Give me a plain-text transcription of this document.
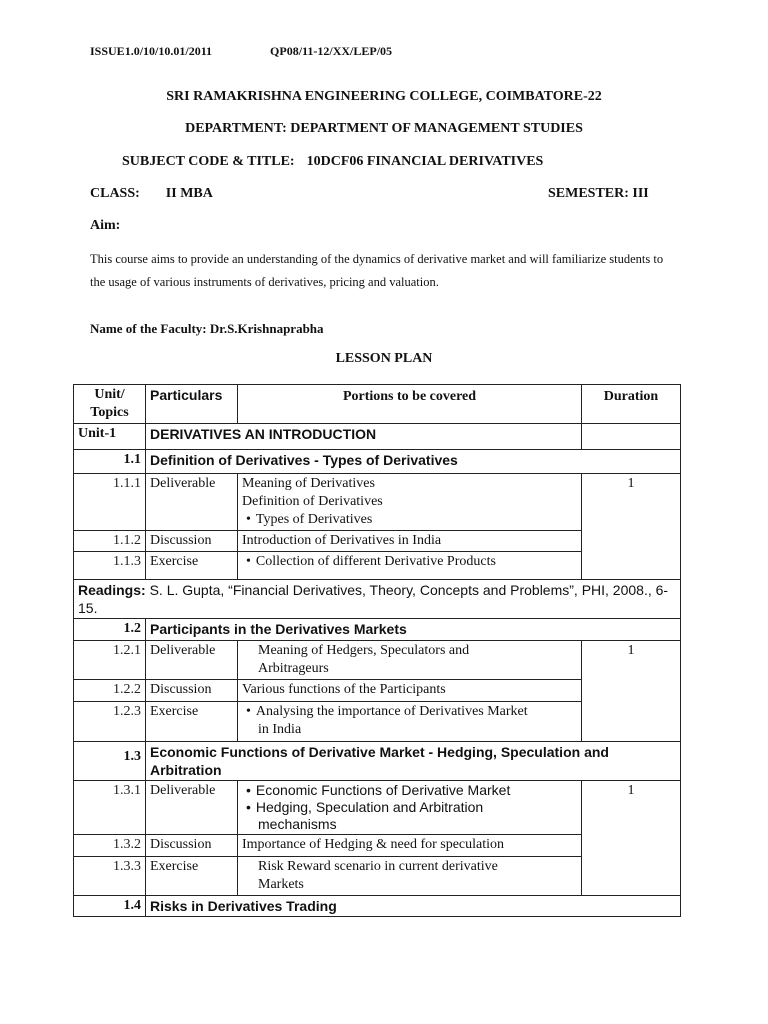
ISSUE1.0/10/10.01/2011	QP08/11-12/XX/LEP/05
SRI RAMAKRISHNA ENGINEERING COLLEGE, COIMBATORE-22
DEPARTMENT: DEPARTMENT OF MANAGEMENT STUDIES
SUBJECT CODE & TITLE: 10DCF06 FINANCIAL DERIVATIVES
CLASS: II MBA	SEMESTER: III
Aim:
This course aims to provide an understanding of the dynamics of derivative market and will familiarize students to the usage of various instruments of derivatives, pricing and valuation.
Name of the Faculty: Dr.S.Krishnaprabha
LESSON PLAN
Unit/ Topics	Particulars	Portions to be covered	Duration
Unit-1	DERIVATIVES AN INTRODUCTION		
1.1	Definition of Derivatives - Types of Derivatives		
1.1.1	Deliverable	Meaning of Derivatives
Definition of Derivatives
• Types of Derivatives	1
1.1.2	Discussion	Introduction of Derivatives in India	
1.1.3	Exercise	• Collection of different Derivative Products

Readings: S. L. Gupta, “Financial Derivatives, Theory, Concepts and Problems”, PHI, 2008., 6-15.			
1.2	Participants in the Derivatives Markets		
1.2.1	Deliverable	Meaning of Hedgers, Speculators and
Arbitrageurs	1
1.2.2	Discussion	Various functions of the Participants	
1.2.3	Exercise	• Analysing the importance of Derivatives Market
in India

1.3	Economic Functions of Derivative Market - Hedging, Speculation and Arbitration		
1.3.1	Deliverable	• Economic Functions of Derivative Market
• Hedging, Speculation and Arbitration
mechanisms	1
1.3.2	Discussion	Importance of Hedging & need for speculation	
1.3.3	Exercise	Risk Reward scenario in current derivative
Markets	

1.4	Risks in Derivatives Trading		
